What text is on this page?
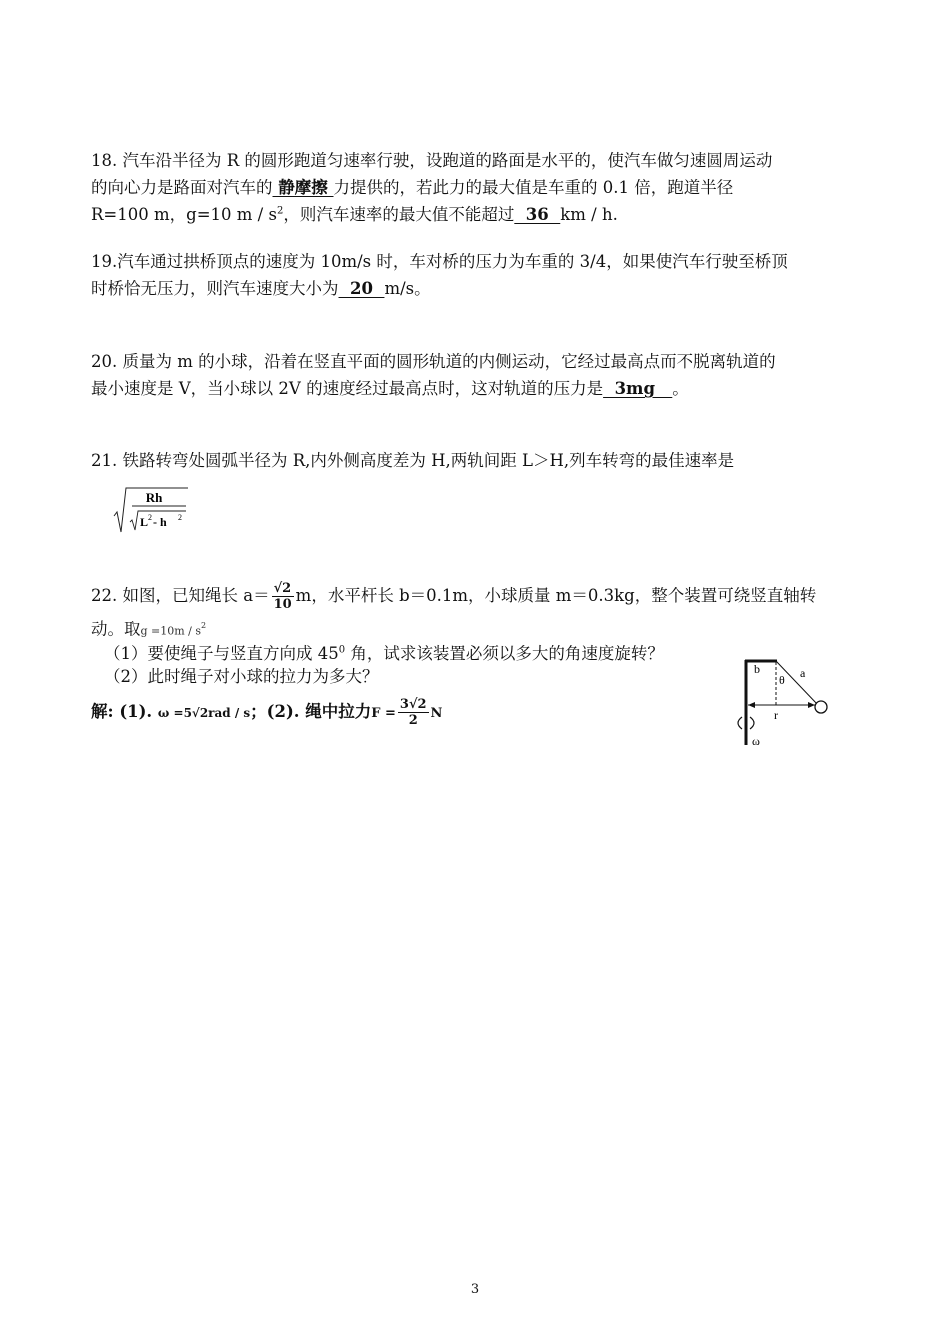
18. 汽车沿半径为 R 的圆形跑道匀速率行驶，设跑道的路面是水平的，使汽车做匀速圆周运动
的向心力是路面对汽车的 静摩擦 力提供的，若此力的最大值是车重的 0.1 倍，跑道半径
R=100 m，g=10 m / $s^2$，则汽车速率的最大值不能超过  36  km / h.
19.汽车通过拱桥顶点的速度为 10m/s 时，车对桥的压力为车重的 3/4，如果使汽车行驶至桥顶
时桥恰无压力，则汽车速度大小为  20  m/s。
20. 质量为 m 的小球，沿着在竖直平面的圆形轨道的内侧运动，它经过最高点而不脱离轨道的
最小速度是 V，当小球以 2V 的速度经过最高点时，这对轨道的压力是  3mg   。
21. 铁路转弯处圆弧半径为 R,内外侧高度差为 H,两轨间距 L＞H,列车转弯的最佳速率是
Rh
L 2 - h 2
22. 如图，已知绳长 $a= \frac{√2}{10}$ m，水平杆长 b＝0.1m，小球质量 m＝0.3kg，整个装置可绕竖直轴转
动。取$g =10m / s^2$
（1）要使绳子与竖直方向成 $45^0$ 角，试求该装置必须以多大的角速度旋转？
（2）此时绳子对小球的拉力为多大？
解: (1). ω =5√2rad / s；(2). 绳中拉力$F = \frac{3√2}{2}$ N
b	a
θ
r
ω
3
